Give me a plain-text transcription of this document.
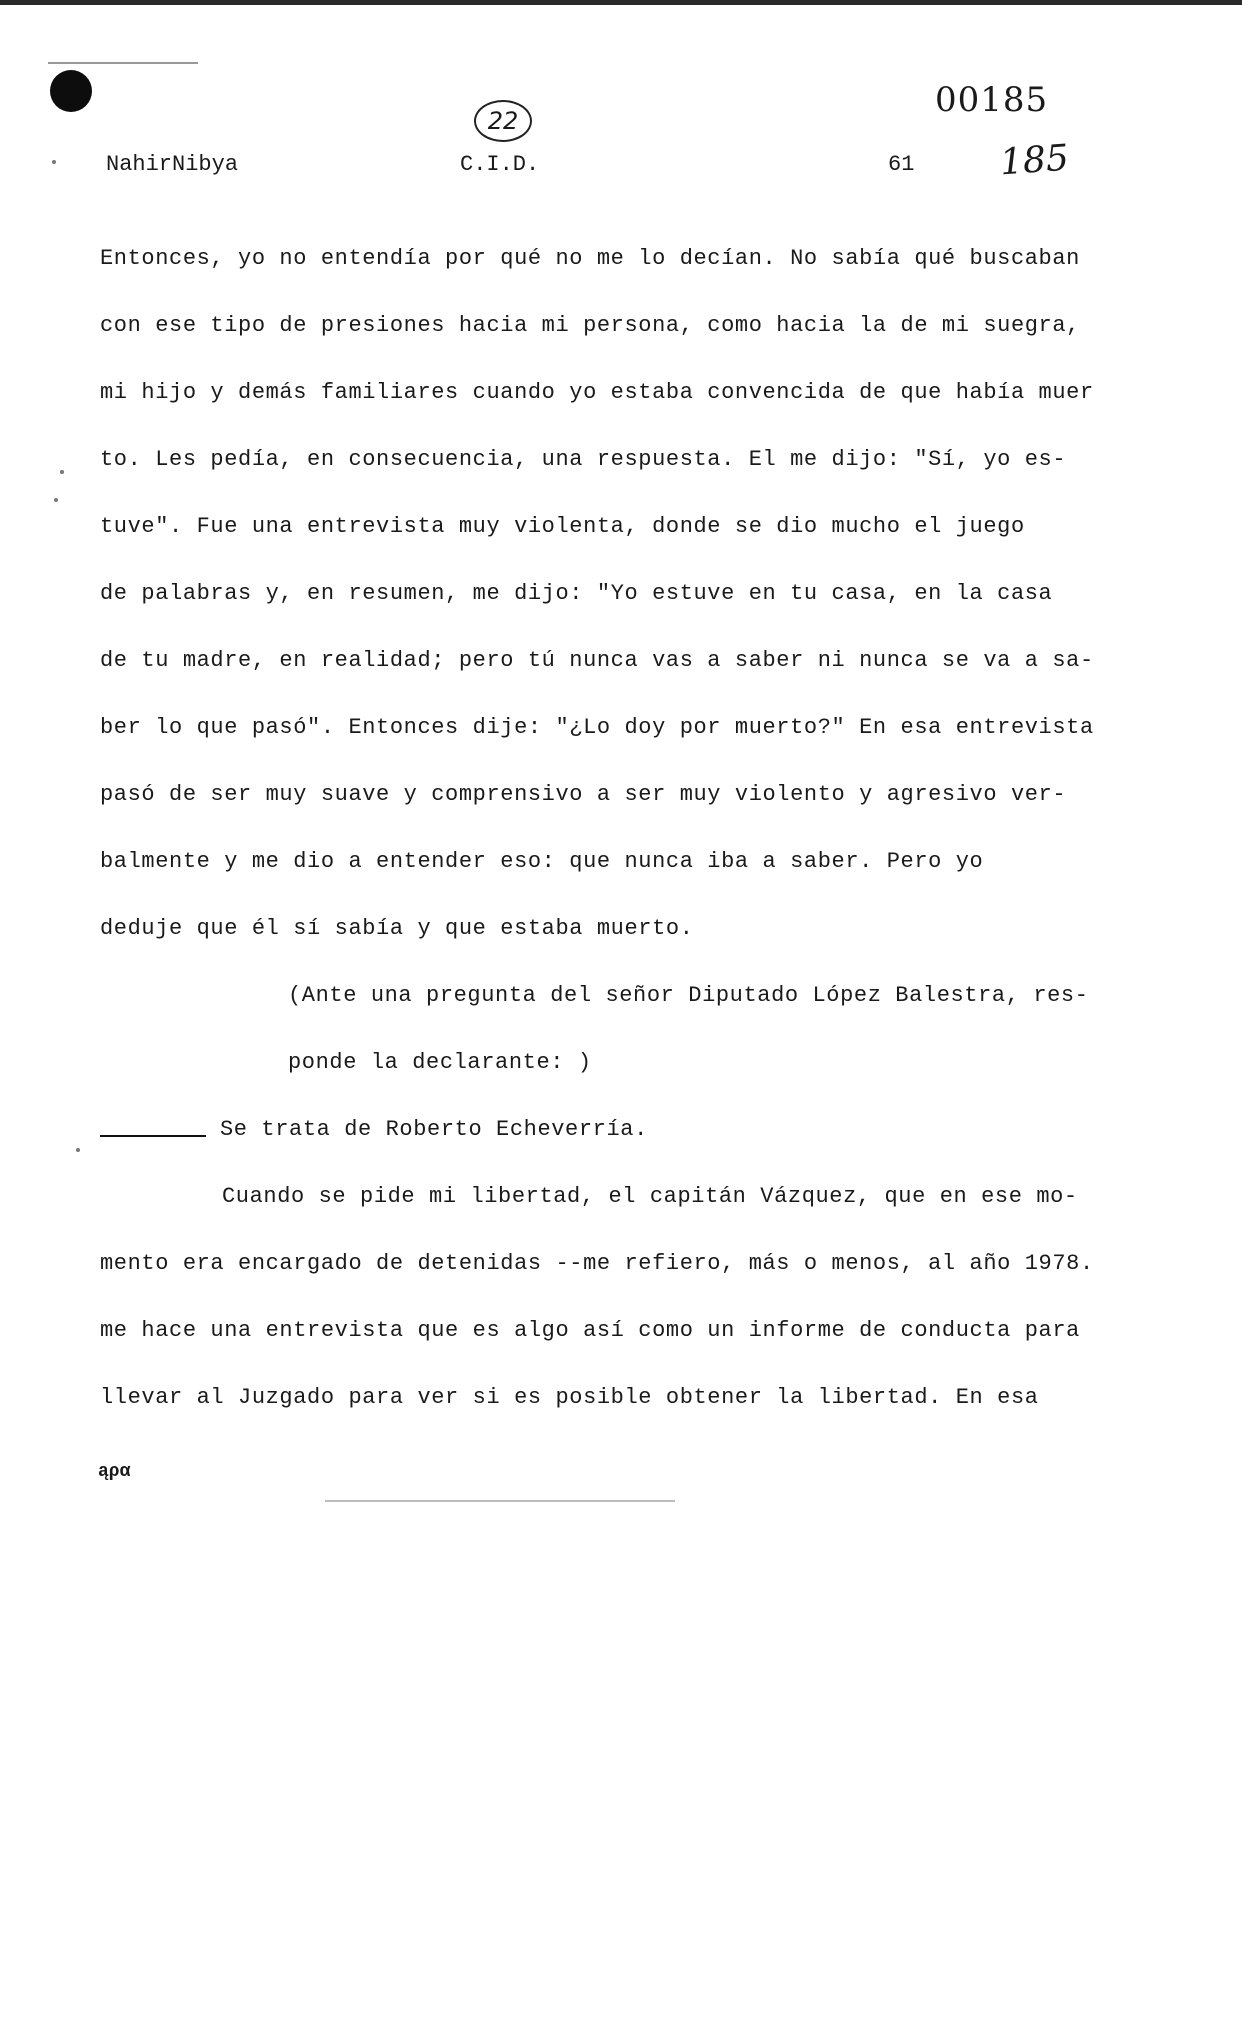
22
00185
NahirNibya	C.I.D.	61 185
Entonces, yo no entendía por qué no me lo decían. No sabía qué buscaban
con ese tipo de presiones hacia mi persona, como hacia la de mi suegra,
mi hijo y demás familiares cuando yo estaba convencida de que había muer
to. Les pedía, en consecuencia, una respuesta. El me dijo: "Sí, yo es-
tuve". Fue una entrevista muy violenta, donde se dio mucho el juego
de palabras y, en resumen, me dijo: "Yo estuve en tu casa, en la casa
de tu madre, en realidad; pero tú nunca vas a saber ni nunca se va a sa-
ber lo que pasó". Entonces dije: "¿Lo doy por muerto?" En esa entrevista
pasó de ser muy suave y comprensivo a ser muy violento y agresivo ver-
balmente y me dio a entender eso: que nunca iba a saber. Pero yo
deduje que él sí sabía y que estaba muerto.
(Ante una pregunta del señor Diputado López Balestra, res-
ponde la declarante: )
Se trata de Roberto Echeverría.
Cuando se pide mi libertad, el capitán Vázquez, que en ese mo-
mento era encargado de detenidas --me refiero, más o menos, al año 1978.
me hace una entrevista que es algo así como un informe de conducta para
llevar al Juzgado para ver si es posible obtener la libertad. En esa
ąρα
